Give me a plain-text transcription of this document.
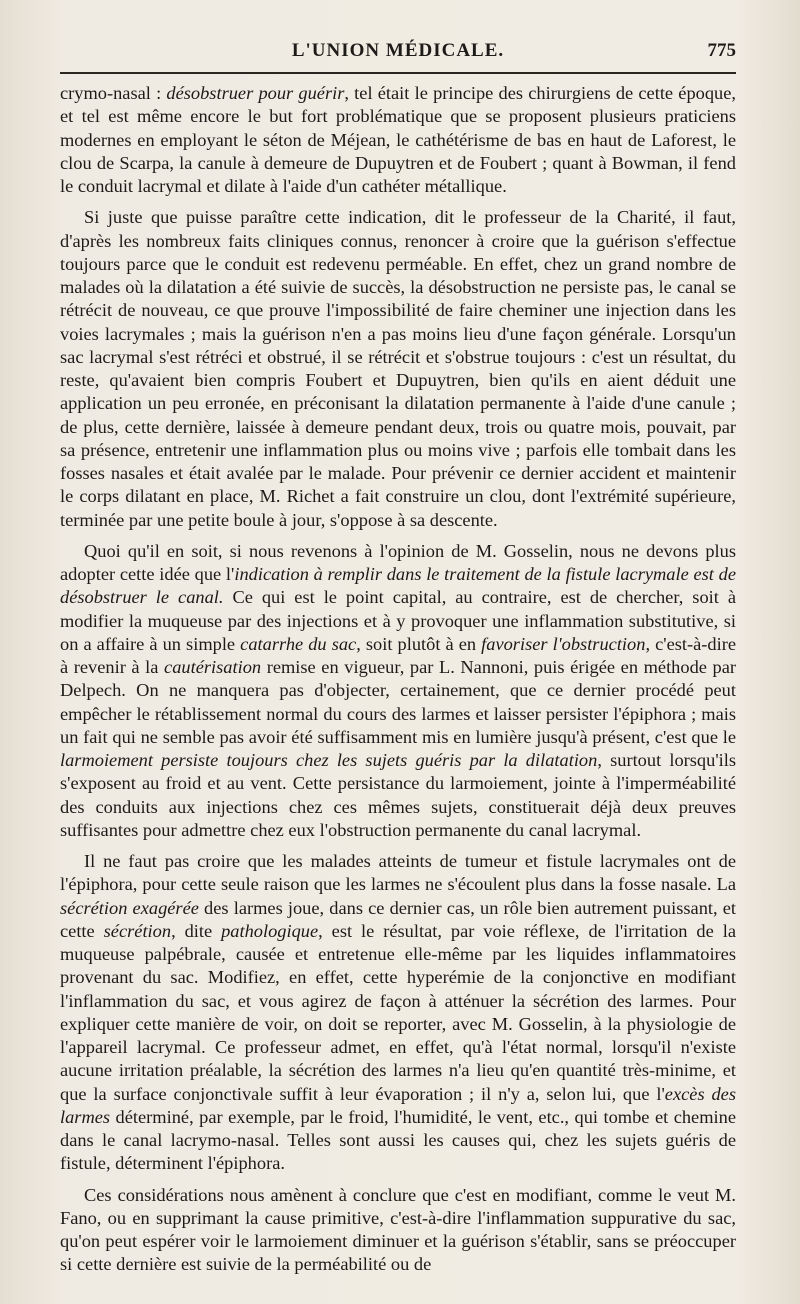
L'UNION MÉDICALE.	775

crymo-nasal : désobstruer pour guérir, tel était le principe des chirurgiens de cette époque, et tel est même encore le but fort problématique que se proposent plusieurs praticiens modernes en employant le séton de Méjean, le cathétérisme de bas en haut de Laforest, le clou de Scarpa, la canule à demeure de Dupuytren et de Foubert ; quant à Bowman, il fend le conduit lacrymal et dilate à l'aide d'un cathéter métallique.

Si juste que puisse paraître cette indication, dit le professeur de la Charité, il faut, d'après les nombreux faits cliniques connus, renoncer à croire que la guérison s'effectue toujours parce que le conduit est redevenu perméable. En effet, chez un grand nombre de malades où la dilatation a été suivie de succès, la désobstruction ne persiste pas, le canal se rétrécit de nouveau, ce que prouve l'impossibilité de faire cheminer une injection dans les voies lacrymales ; mais la guérison n'en a pas moins lieu d'une façon générale. Lorsqu'un sac lacrymal s'est rétréci et obstrué, il se rétrécit et s'obstrue toujours : c'est un résultat, du reste, qu'avaient bien compris Foubert et Dupuytren, bien qu'ils en aient déduit une application un peu erronée, en préconisant la dilatation permanente à l'aide d'une canule ; de plus, cette dernière, laissée à demeure pendant deux, trois ou quatre mois, pouvait, par sa présence, entretenir une inflammation plus ou moins vive ; parfois elle tombait dans les fosses nasales et était avalée par le malade. Pour prévenir ce dernier accident et maintenir le corps dilatant en place, M. Richet a fait construire un clou, dont l'extrémité supérieure, terminée par une petite boule à jour, s'oppose à sa descente.

Quoi qu'il en soit, si nous revenons à l'opinion de M. Gosselin, nous ne devons plus adopter cette idée que l'indication à remplir dans le traitement de la fistule lacrymale est de désobstruer le canal. Ce qui est le point capital, au contraire, est de chercher, soit à modifier la muqueuse par des injections et à y provoquer une inflammation substitutive, si on a affaire à un simple catarrhe du sac, soit plutôt à en favoriser l'obstruction, c'est-à-dire à revenir à la cautérisation remise en vigueur, par L. Nannoni, puis érigée en méthode par Delpech. On ne manquera pas d'objecter, certainement, que ce dernier procédé peut empêcher le rétablissement normal du cours des larmes et laisser persister l'épiphora ; mais un fait qui ne semble pas avoir été suffisamment mis en lumière jusqu'à présent, c'est que le larmoiement persiste toujours chez les sujets guéris par la dilatation, surtout lorsqu'ils s'exposent au froid et au vent. Cette persistance du larmoiement, jointe à l'imperméabilité des conduits aux injections chez ces mêmes sujets, constituerait déjà deux preuves suffisantes pour admettre chez eux l'obstruction permanente du canal lacrymal.

Il ne faut pas croire que les malades atteints de tumeur et fistule lacrymales ont de l'épiphora, pour cette seule raison que les larmes ne s'écoulent plus dans la fosse nasale. La sécrétion exagérée des larmes joue, dans ce dernier cas, un rôle bien autrement puissant, et cette sécrétion, dite pathologique, est le résultat, par voie réflexe, de l'irritation de la muqueuse palpébrale, causée et entretenue elle-même par les liquides inflammatoires provenant du sac. Modifiez, en effet, cette hyperémie de la conjonctive en modifiant l'inflammation du sac, et vous agirez de façon à atténuer la sécrétion des larmes. Pour expliquer cette manière de voir, on doit se reporter, avec M. Gosselin, à la physiologie de l'appareil lacrymal. Ce professeur admet, en effet, qu'à l'état normal, lorsqu'il n'existe aucune irritation préalable, la sécrétion des larmes n'a lieu qu'en quantité très-minime, et que la surface conjonctivale suffit à leur évaporation ; il n'y a, selon lui, que l'excès des larmes déterminé, par exemple, par le froid, l'humidité, le vent, etc., qui tombe et chemine dans le canal lacrymo-nasal. Telles sont aussi les causes qui, chez les sujets guéris de fistule, déterminent l'épiphora.

Ces considérations nous amènent à conclure que c'est en modifiant, comme le veut M. Fano, ou en supprimant la cause primitive, c'est-à-dire l'inflammation suppurative du sac, qu'on peut espérer voir le larmoiement diminuer et la guérison s'établir, sans se préoccuper si cette dernière est suivie de la perméabilité ou de
